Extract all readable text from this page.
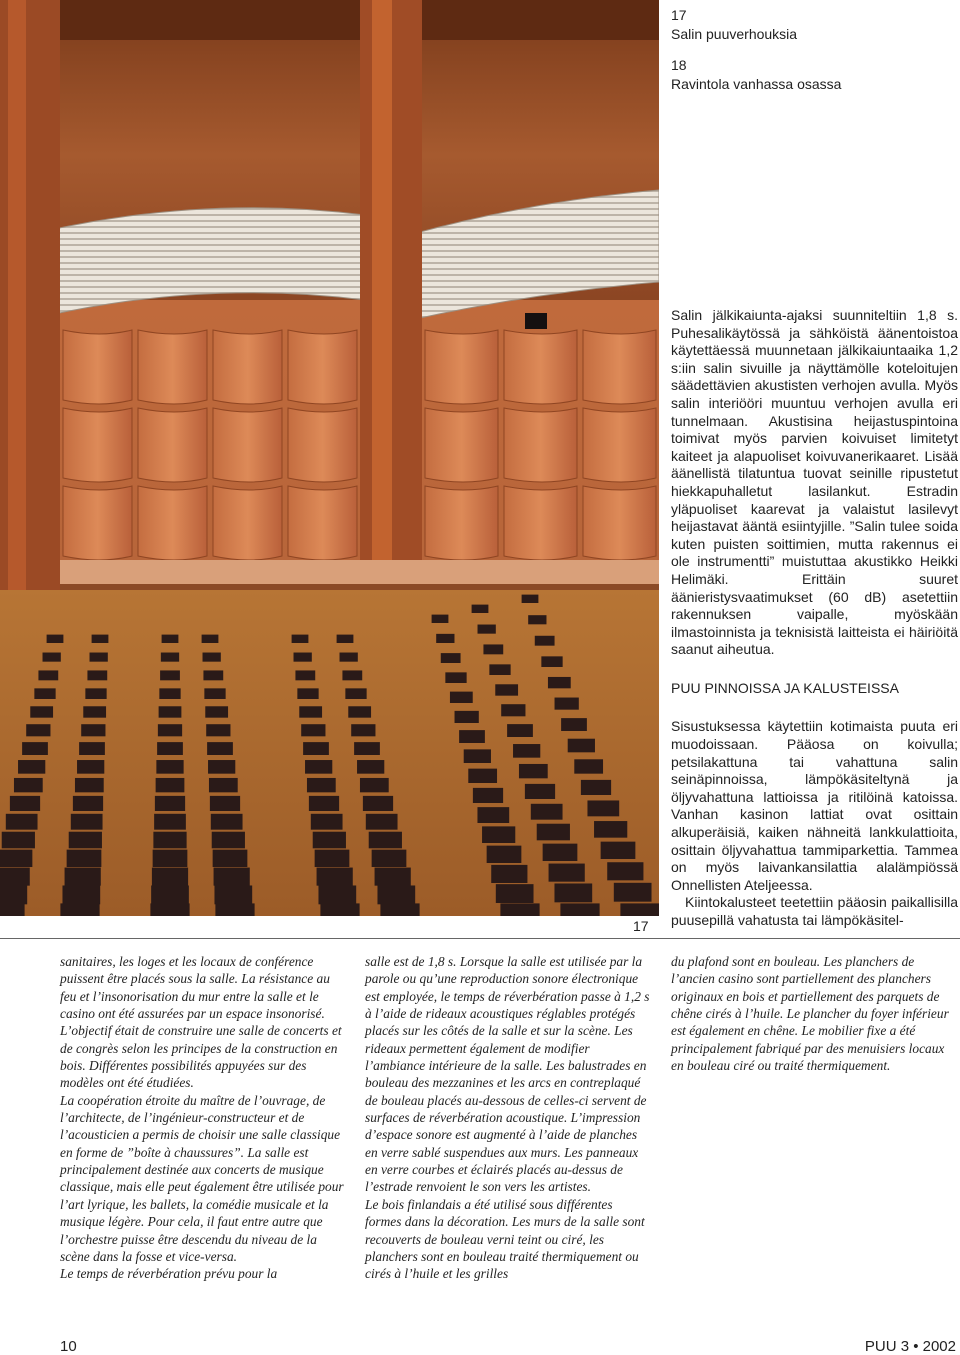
17
Salin puuverhouksia
18
Ravintola vanhassa osassa

Salin jälkikaiunta-ajaksi suunniteltiin 1,8 s. Puhesalikäytössä ja sähköistä äänentoistoa käytettäessä muunnetaan jälkikaiuntaaika 1,2 s:iin salin sivuille ja näyttämölle koteloitujen säädettävien akustisten verhojen avulla. Myös salin interiööri muuntuu verhojen avulla eri tunnelmaan. Akustisina heijastuspintoina toimivat myös parvien koivuiset limitetyt kaiteet ja alapuoliset koivuvanerikaaret. Lisää äänellistä tilatuntua tuovat seinille ripustetut hiekkapuhalletut lasilankut. Estradin yläpuoliset kaarevat ja valaistut lasilevyt heijastavat ääntä esiintyjille. ”Salin tulee soida kuten puisten soittimien, mutta rakennus ei ole instrumentti” muistuttaa akustikko Heikki Helimäki. Erittäin suuret äänieristysvaatimukset (60 dB) asetettiin rakennuksen vaipalle, myöskään ilmastoinnista ja teknisistä laitteista ei häiriöitä saanut aiheutua.

PUU PINNOISSA JA KALUSTEISSA

Sisustuksessa käytettiin kotimaista puuta eri muodoissaan. Pääosa on koivulla; petsilakattuna tai vahattuna salin seinäpinnoissa, lämpökäsiteltynä ja öljyvahattuna lattioissa ja ritilöinä katoissa. Vanhan kasinon lattiat ovat osittain alkuperäisiä, kaiken nähneitä lankkulattioita, osittain öljyvahattua tammiparkettia. Tammea on myös laivankansilattia alalämpiössä Onnellisten Ateljeessa.

Kiintokalusteet teetettiin pääosin paikallisilla puusepillä vahatusta tai lämpökäsitel-

17

sanitaires, les loges et les locaux de conférence puissent être placés sous la salle. La résistance au feu et l’insonorisation du mur entre la salle et le casino ont été assurées par un espace insonorisé.

L’objectif était de construire une salle de concerts et de congrès selon les principes de la construction en bois. Différentes possibilités appuyées sur des modèles ont été étudiées.

La coopération étroite du maître de l’ouvrage, de l’architecte, de l’ingénieur-constructeur et de l’acousticien a permis de choisir une salle classique en forme de ”boîte à chaussures”. La salle est principalement destinée aux concerts de musique classique, mais elle peut également être utilisée pour l’art lyrique, les ballets, la comédie musicale et la musique légère. Pour cela, il faut entre autre que l’orchestre puisse être descendu du niveau de la scène dans la fosse et vice-versa.

Le temps de réverbération prévu pour la

salle est de 1,8 s. Lorsque la salle est utilisée par la parole ou qu’une reproduction sonore électronique est employée, le temps de réverbération passe à 1,2 s à l’aide de rideaux acoustiques réglables protégés placés sur les côtés de la salle et sur la scène. Les rideaux permettent également de modifier l’ambiance intérieure de la salle. Les balustrades en bouleau des mezzanines et les arcs en contreplaqué de bouleau placés au-dessous de celles-ci servent de surfaces de réverbération acoustique. L’impression d’espace sonore est augmenté à l’aide de planches en verre sablé suspendues aux murs. Les panneaux en verre courbes et éclairés placés au-dessus de l’estrade renvoient le son vers les artistes.

Le bois finlandais a été utilisé sous différentes formes dans la décoration. Les murs de la salle sont recouverts de bouleau verni teint ou ciré, les planchers sont en bouleau traité thermiquement ou cirés à l’huile et les grilles

du plafond sont en bouleau. Les planchers de l’ancien casino sont partiellement des planchers originaux en bois et partiellement des parquets de chêne cirés à l’huile. Le plancher du foyer inférieur est également en chêne. Le mobilier fixe a été principalement fabriqué par des menuisiers locaux en bouleau ciré ou traité thermiquement.

10	PUU 3 • 2002
